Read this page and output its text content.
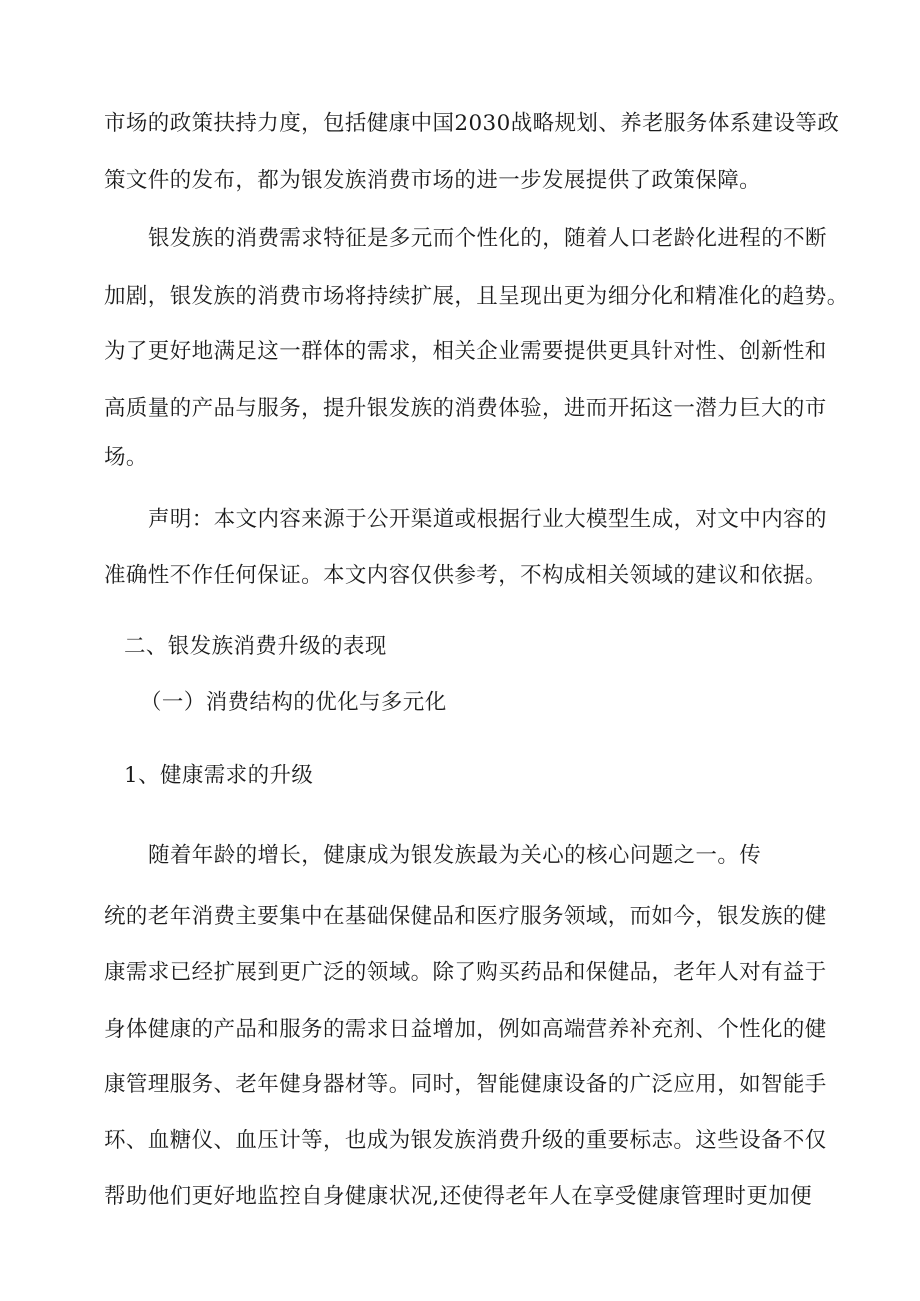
市场的政策扶持力度，包括健康中国2030战略规划、养老服务体系建设等政
策文件的发布，都为银发族消费市场的进一步发展提供了政策保障。
银发族的消费需求特征是多元而个性化的，随着人口老龄化进程的不断
加剧，银发族的消费市场将持续扩展，且呈现出更为细分化和精准化的趋势。
为了更好地满足这一群体的需求，相关企业需要提供更具针对性、创新性和
高质量的产品与服务，提升银发族的消费体验，进而开拓这一潜力巨大的市
场。
声明：本文内容来源于公开渠道或根据行业大模型生成，对文中内容的
准确性不作任何保证。本文内容仅供参考，不构成相关领域的建议和依据。
二、银发族消费升级的表现
（一）消费结构的优化与多元化
1、健康需求的升级
随着年龄的增长，健康成为银发族最为关心的核心问题之一。传
统的老年消费主要集中在基础保健品和医疗服务领域，而如今，银发族的健
康需求已经扩展到更广泛的领域。除了购买药品和保健品，老年人对有益于
身体健康的产品和服务的需求日益增加，例如高端营养补充剂、个性化的健
康管理服务、老年健身器材等。同时，智能健康设备的广泛应用，如智能手
环、血糖仪、血压计等，也成为银发族消费升级的重要标志。这些设备不仅
帮助他们更好地监控自身健康状况,还使得老年人在享受健康管理时更加便
